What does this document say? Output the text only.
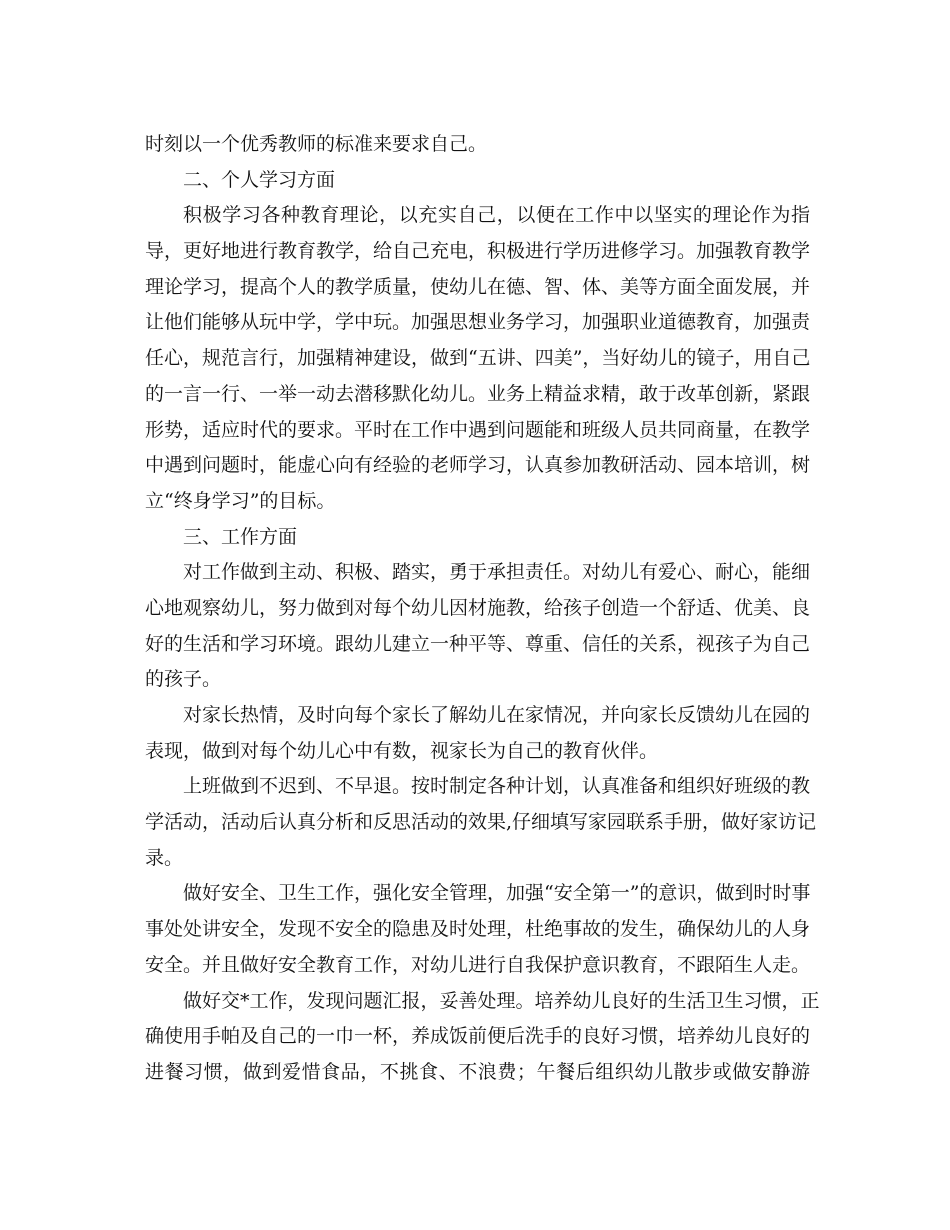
时刻以一个优秀教师的标准来要求自己。
二、个人学习方面
积极学习各种教育理论，以充实自己，以便在工作中以坚实的理论作为指
导，更好地进行教育教学，给自己充电，积极进行学历进修学习。加强教育教学
理论学习，提高个人的教学质量，使幼儿在德、智、体、美等方面全面发展，并
让他们能够从玩中学，学中玩。加强思想业务学习，加强职业道德教育，加强责
任心，规范言行，加强精神建设，做到“五讲、四美”，当好幼儿的镜子，用自己
的一言一行、一举一动去潜移默化幼儿。业务上精益求精，敢于改革创新，紧跟
形势，适应时代的要求。平时在工作中遇到问题能和班级人员共同商量，在教学
中遇到问题时，能虚心向有经验的老师学习，认真参加教研活动、园本培训，树
立“终身学习”的目标。
三、工作方面
对工作做到主动、积极、踏实，勇于承担责任。对幼儿有爱心、耐心，能细
心地观察幼儿，努力做到对每个幼儿因材施教，给孩子创造一个舒适、优美、良
好的生活和学习环境。跟幼儿建立一种平等、尊重、信任的关系，视孩子为自己
的孩子。
对家长热情，及时向每个家长了解幼儿在家情况，并向家长反馈幼儿在园的
表现，做到对每个幼儿心中有数，视家长为自己的教育伙伴。
上班做到不迟到、不早退。按时制定各种计划，认真准备和组织好班级的教
学活动，活动后认真分析和反思活动的效果,仔细填写家园联系手册，做好家访记
录。
做好安全、卫生工作，强化安全管理，加强“安全第一”的意识，做到时时事
事处处讲安全，发现不安全的隐患及时处理，杜绝事故的发生，确保幼儿的人身
安全。并且做好安全教育工作，对幼儿进行自我保护意识教育，不跟陌生人走。
做好交*工作，发现问题汇报，妥善处理。培养幼儿良好的生活卫生习惯，正
确使用手帕及自己的一巾一杯，养成饭前便后洗手的良好习惯，培养幼儿良好的
进餐习惯，做到爱惜食品，不挑食、不浪费；午餐后组织幼儿散步或做安静游
